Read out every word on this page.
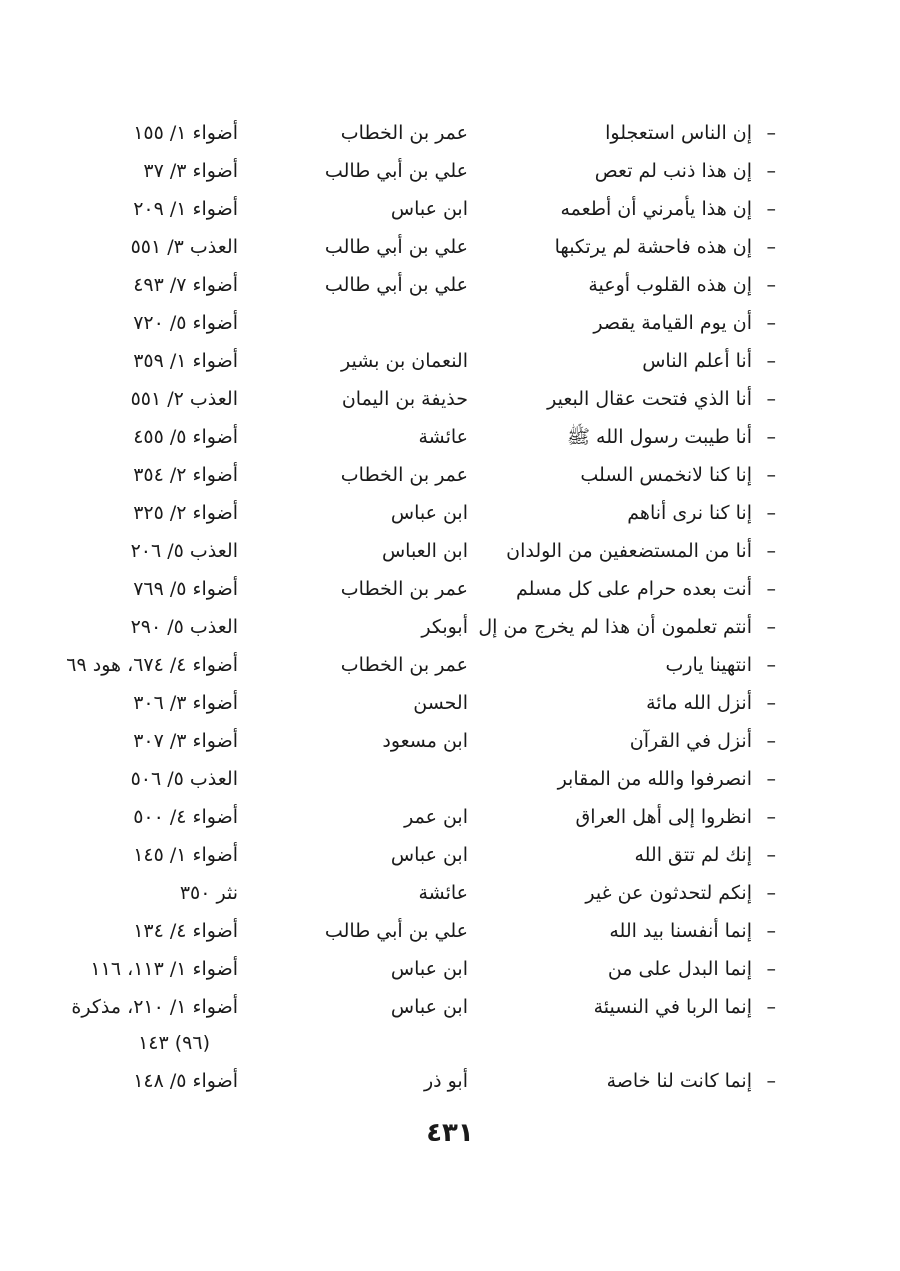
–
إن الناس استعجلوا
عمر بن الخطاب
أضواء ١/ ١٥٥
–
إن هذا ذنب لم تعص
علي بن أبي طالب
أضواء ٣/ ٣٧
–
إن هذا يأمرني أن أطعمه
ابن عباس
أضواء ١/ ٢٠٩
–
إن هذه فاحشة لم يرتكبها
علي بن أبي طالب
العذب ٣/ ٥٥١
–
إن هذه القلوب أوعية
علي بن أبي طالب
أضواء ٧/ ٤٩٣
–
أن يوم القيامة يقصر
أضواء ٥/ ٧٢٠
–
أنا أعلم الناس
النعمان بن بشير
أضواء ١/ ٣٥٩
–
أنا الذي فتحت عقال البعير
حذيفة بن اليمان
العذب ٢/ ٥٥١
–
أنا طيبت رسول الله ﷺ
عائشة
أضواء ٥/ ٤٥٥
–
إنا كنا لانخمس السلب
عمر بن الخطاب
أضواء ٢/ ٣٥٤
–
إنا كنا نرى أناهم
ابن عباس
أضواء ٢/ ٣٢٥
–
أنا من المستضعفين من الولدان
ابن العباس
العذب ٥/ ٢٠٦
–
أنت بعده حرام على كل مسلم
عمر بن الخطاب
أضواء ٥/ ٧٦٩
–
أنتم تعلمون أن هذا لم يخرج من إل
أبوبكر
العذب ٥/ ٢٩٠
–
انتهينا يارب
عمر بن الخطاب
أضواء ٤/ ٦٧٤، هود ٦٩
–
أنزل الله مائة
الحسن
أضواء ٣/ ٣٠٦
–
أنزل في القرآن
ابن مسعود
أضواء ٣/ ٣٠٧
–
انصرفوا والله من المقابر
العذب ٥/ ٥٠٦
–
انظروا إلى أهل العراق
ابن عمر
أضواء ٤/ ٥٠٠
–
إنك لم تتق الله
ابن عباس
أضواء ١/ ١٤٥
–
إنكم لتحدثون عن غير
عائشة
نثر ٣٥٠
–
إنما أنفسنا بيد الله
علي بن أبي طالب
أضواء ٤/ ١٣٤
–
إنما البدل على من
ابن عباس
أضواء ١/ ١١٣، ١١٦
–
إنما الربا في النسيئة
ابن عباس
أضواء ١/ ٢١٠، مذكرة
(٩٦) ١٤٣
–
إنما كانت لنا خاصة
أبو ذر
أضواء ٥/ ١٤٨
٤٣١
